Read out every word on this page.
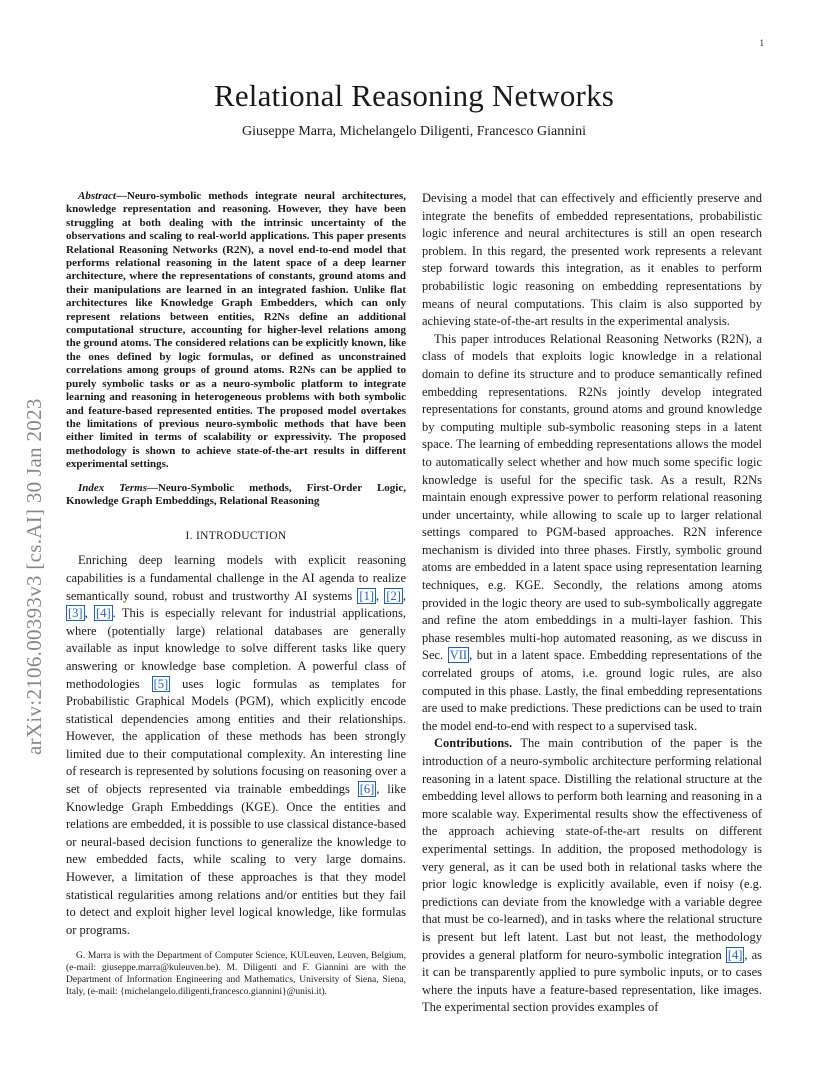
1
arXiv:2106.00393v3 [cs.AI] 30 Jan 2023
Relational Reasoning Networks
Giuseppe Marra, Michelangelo Diligenti, Francesco Giannini

Abstract—Neuro-symbolic methods integrate neural architectures, knowledge representation and reasoning. However, they have been struggling at both dealing with the intrinsic uncertainty of the observations and scaling to real-world applications. This paper presents Relational Reasoning Networks (R2N), a novel end-to-end model that performs relational reasoning in the latent space of a deep learner architecture, where the representations of constants, ground atoms and their manipulations are learned in an integrated fashion. Unlike flat architectures like Knowledge Graph Embedders, which can only represent relations between entities, R2Ns define an additional computational structure, accounting for higher-level relations among the ground atoms. The considered relations can be explicitly known, like the ones defined by logic formulas, or defined as unconstrained correlations among groups of ground atoms. R2Ns can be applied to purely symbolic tasks or as a neuro-symbolic platform to integrate learning and reasoning in heterogeneous problems with both symbolic and feature-based represented entities. The proposed model overtakes the limitations of previous neuro-symbolic methods that have been either limited in terms of scalability or expressivity. The proposed methodology is shown to achieve state-of-the-art results in different experimental settings.

Index Terms—Neuro-Symbolic methods, First-Order Logic, Knowledge Graph Embeddings, Relational Reasoning

I. INTRODUCTION

Enriching deep learning models with explicit reasoning capabilities is a fundamental challenge in the AI agenda to realize semantically sound, robust and trustworthy AI systems [1] , [2] , [3] , [4] . This is especially relevant for industrial applications, where (potentially large) relational databases are generally available as input knowledge to solve different tasks like query answering or knowledge base completion. A powerful class of methodologies [5] uses logic formulas as templates for Probabilistic Graphical Models (PGM), which explicitly encode statistical dependencies among entities and their relationships. However, the application of these methods has been strongly limited due to their computational complexity. An interesting line of research is represented by solutions focusing on reasoning over a set of objects represented via trainable embeddings [6] , like Knowledge Graph Embeddings (KGE). Once the entities and relations are embedded, it is possible to use classical distance-based or neural-based decision functions to generalize the knowledge to new embedded facts, while scaling to very large domains. However, a limitation of these approaches is that they model statistical regularities among relations and/or entities but they fail to detect and exploit higher level logical knowledge, like formulas or programs.

G. Marra is with the Department of Computer Science, KULeuven, Leuven, Belgium, (e-mail: giuseppe.marra@kuleuven.be). M. Diligenti and F. Giannini are with the Department of Information Engineering and Mathematics, University of Siena, Siena, Italy, (e-mail: {michelangelo.diligenti,francesco.giannini}@unisi.it).

Devising a model that can effectively and efficiently preserve and integrate the benefits of embedded representations, probabilistic logic inference and neural architectures is still an open research problem. In this regard, the presented work represents a relevant step forward towards this integration, as it enables to perform probabilistic logic reasoning on embedding representations by means of neural computations. This claim is also supported by achieving state-of-the-art results in the experimental analysis.

This paper introduces Relational Reasoning Networks (R2N), a class of models that exploits logic knowledge in a relational domain to define its structure and to produce semantically refined embedding representations. R2Ns jointly develop integrated representations for constants, ground atoms and ground knowledge by computing multiple sub-symbolic reasoning steps in a latent space. The learning of embedding representations allows the model to automatically select whether and how much some specific logic knowledge is useful for the specific task. As a result, R2Ns maintain enough expressive power to perform relational reasoning under uncertainty, while allowing to scale up to larger relational settings compared to PGM-based approaches. R2N inference mechanism is divided into three phases. Firstly, symbolic ground atoms are embedded in a latent space using representation learning techniques, e.g. KGE. Secondly, the relations among atoms provided in the logic theory are used to sub-symbolically aggregate and refine the atom embeddings in a multi-layer fashion. This phase resembles multi-hop automated reasoning, as we discuss in Sec. VII , but in a latent space. Embedding representations of the correlated groups of atoms, i.e. ground logic rules, are also computed in this phase. Lastly, the final embedding representations are used to make predictions. These predictions can be used to train the model end-to-end with respect to a supervised task.

Contributions. The main contribution of the paper is the introduction of a neuro-symbolic architecture performing relational reasoning in a latent space. Distilling the relational structure at the embedding level allows to perform both learning and reasoning in a more scalable way. Experimental results show the effectiveness of the approach achieving state-of-the-art results on different experimental settings. In addition, the proposed methodology is very general, as it can be used both in relational tasks where the prior logic knowledge is explicitly available, even if noisy (e.g. predictions can deviate from the knowledge with a variable degree that must be co-learned), and in tasks where the relational structure is present but left latent. Last but not least, the methodology provides a general platform for neuro-symbolic integration [4] , as it can be transparently applied to pure symbolic inputs, or to cases where the inputs have a feature-based representation, like images. The experimental section provides examples of
